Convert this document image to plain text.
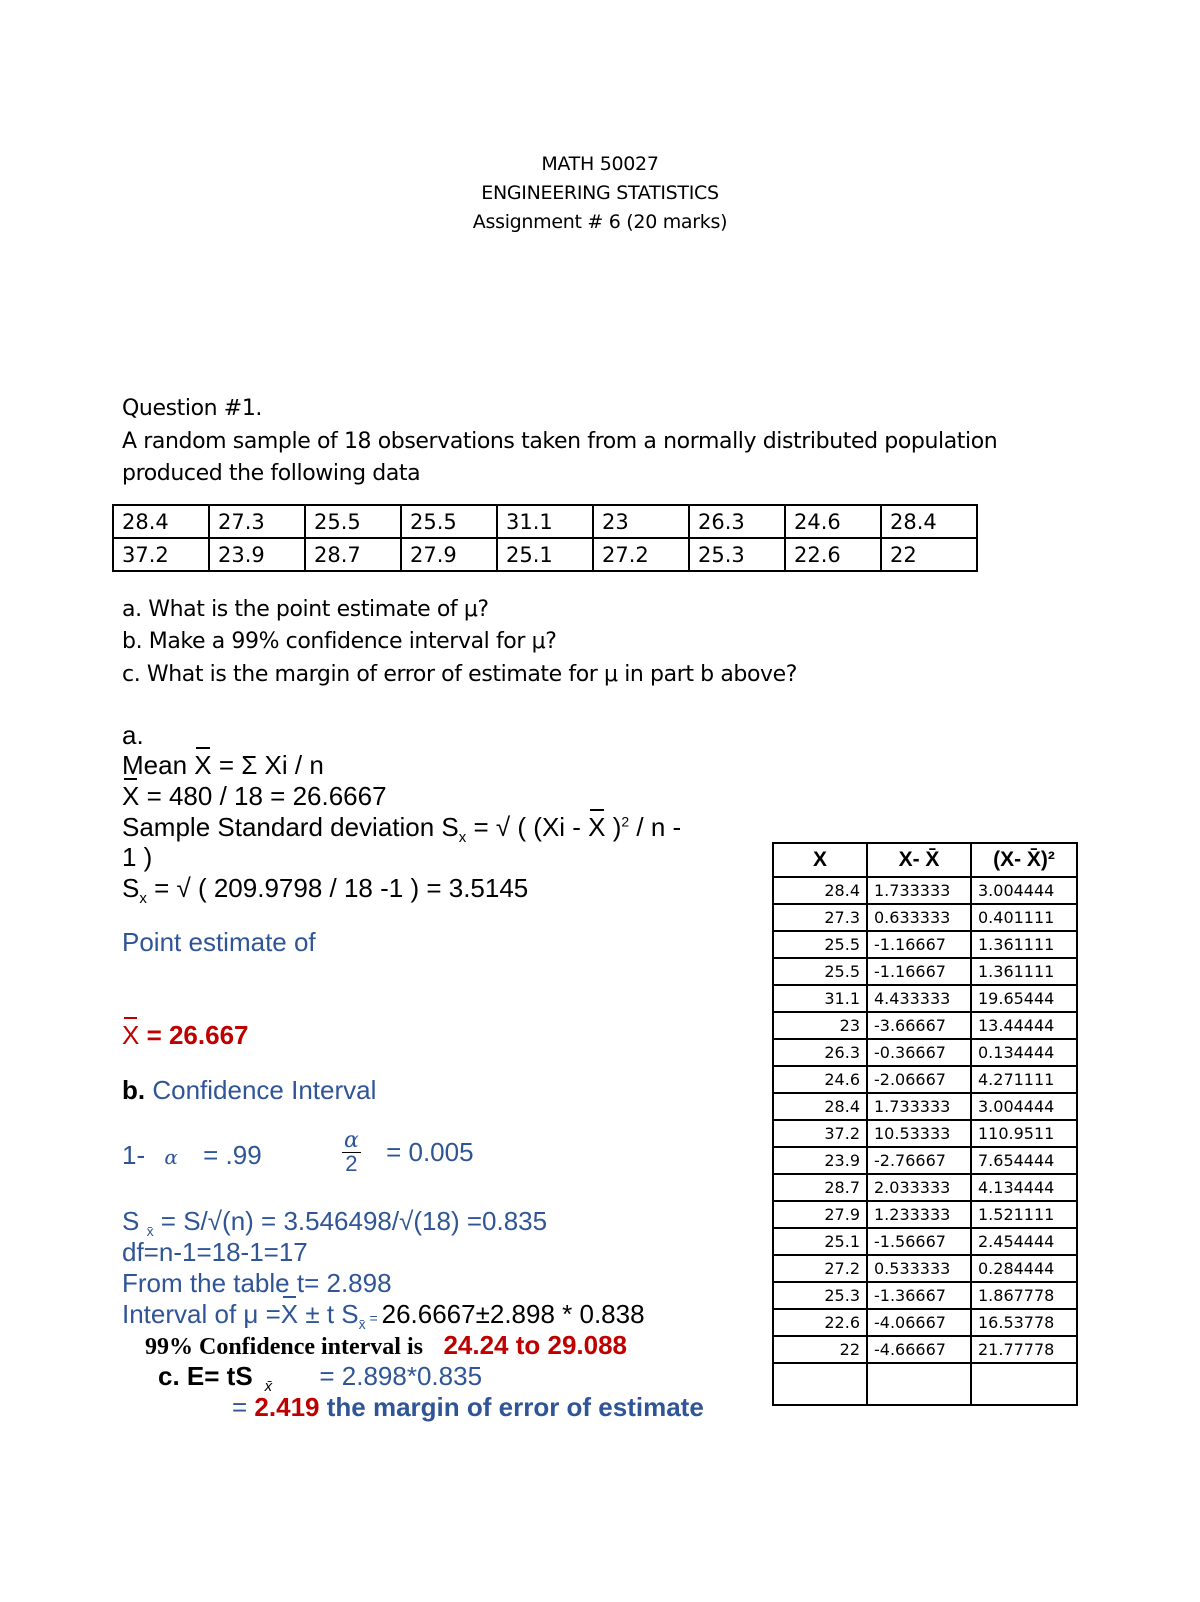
MATH 50027
ENGINEERING STATISTICS
Assignment # 6 (20 marks)
Question #1.
A random sample of 18 observations taken from a normally distributed population
produced the following data
28.4	27.3	25.5	25.5	31.1	23	26.3	24.6	28.4
37.2	23.9	28.7	27.9	25.1	27.2	25.3	22.6	22
a. What is the point estimate of μ?
b. Make a 99% confidence interval for μ?
c. What is the margin of error of estimate for μ in part b above?
a.
Mean X = Σ Xi / n
X = 480 / 18 = 26.6667
Sample Standard deviation $S_x$ = √ ( (Xi - X )$^2$ / n -
1 )
$S_x$ = √ ( 209.9798 / 18 -1 ) = 3.5145
Point estimate of
X = 26.667
b. Confidence Interval
1- α = .99	$\frac{\alpha}{2} = 0.005$
S $_{x̄}$ = S/√(n) = 3.546498/√(18) =0.835
df=n-1=18-1=17
From the table t= 2.898
Interval of μ =X ± t $S_{x̄} = 26.6667\pm 2.898 * 0.838$
99% Confidence interval is 24.24 to 29.088
c. E= tS $_{x̄}$ = 2.898*0.835
= 2.419 the margin of error of estimate
X	X- X̄	(X- X̄)²
28.4	1.733333	3.004444
27.3	0.633333	0.401111
25.5	-1.16667	1.361111
25.5	-1.16667	1.361111
31.1	4.433333	19.65444
23	-3.66667	13.44444
26.3	-0.36667	0.134444
24.6	-2.06667	4.271111
28.4	1.733333	3.004444
37.2	10.53333	110.9511
23.9	-2.76667	7.654444
28.7	2.033333	4.134444
27.9	1.233333	1.521111
25.1	-1.56667	2.454444
27.2	0.533333	0.284444
25.3	-1.36667	1.867778
22.6	-4.06667	16.53778
22	-4.66667	21.77778
